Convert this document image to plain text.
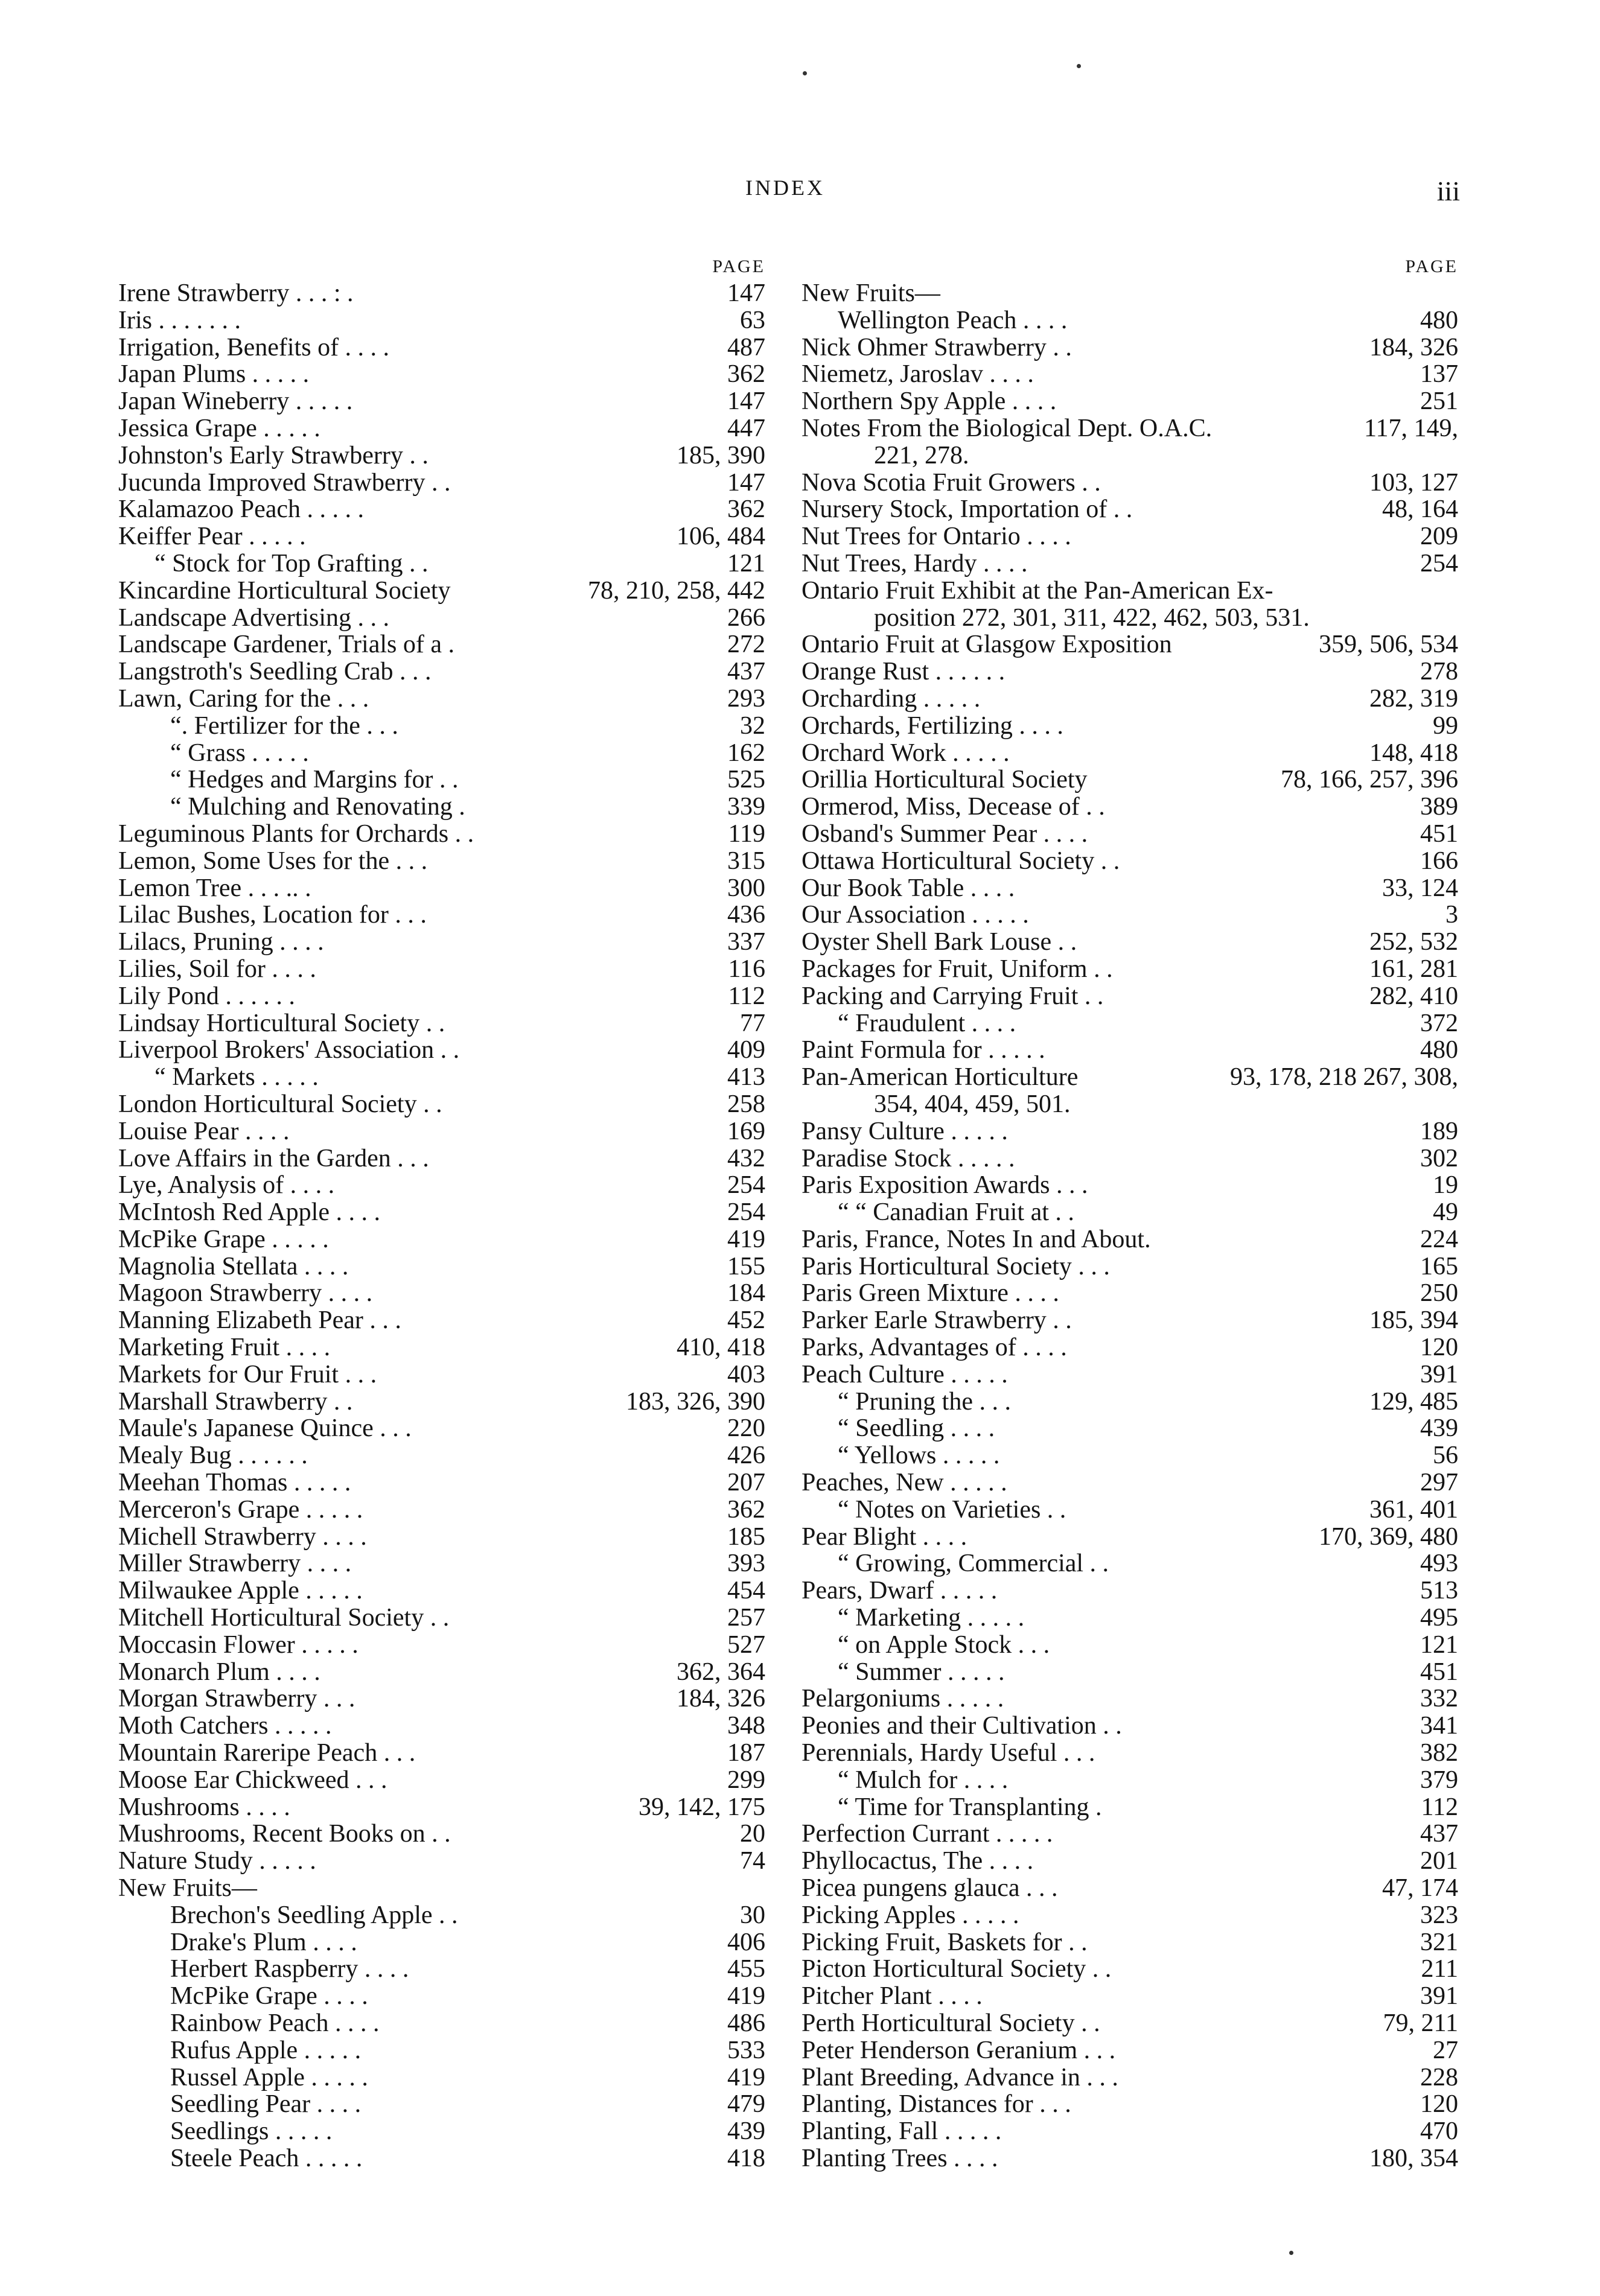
INDEX	iii
PAGE
Irene Strawberry . . . : .	147
Iris . . . . . . .	63
Irrigation, Benefits of . . . .	487
Japan Plums . . . . .	362
Japan Wineberry . . . . .	147
Jessica Grape . . . . .	447
Johnston's Early Strawberry . .	185, 390
Jucunda Improved Strawberry . .	147
Kalamazoo Peach . . . . .	362
Keiffer Pear . . . . .	106, 484
“ Stock for Top Grafting . .	121
Kincardine Horticultural Society	78, 210, 258, 442
Landscape Advertising . . .	266
Landscape Gardener, Trials of a .	272
Langstroth's Seedling Crab . . .	437
Lawn, Caring for the . . .	293
“. Fertilizer for the . . .	32
“ Grass . . . . .	162
“ Hedges and Margins for . .	525
“ Mulching and Renovating .	339
Leguminous Plants for Orchards . .	119
Lemon, Some Uses for the . . .	315
Lemon Tree . . . .. .	300
Lilac Bushes, Location for . . .	436
Lilacs, Pruning . . . .	337
Lilies, Soil for . . . .	116
Lily Pond . . . . . .	112
Lindsay Horticultural Society . .	77
Liverpool Brokers' Association . .	409
“ Markets . . . . .	413
London Horticultural Society . .	258
Louise Pear . . . .	169
Love Affairs in the Garden . . .	432
Lye, Analysis of . . . .	254
McIntosh Red Apple . . . .	254
McPike Grape . . . . .	419
Magnolia Stellata . . . .	155
Magoon Strawberry . . . .	184
Manning Elizabeth Pear . . .	452
Marketing Fruit . . . .	410, 418
Markets for Our Fruit . . .	403
Marshall Strawberry . .	183, 326, 390
Maule's Japanese Quince . . .	220
Mealy Bug . . . . . .	426
Meehan Thomas . . . . .	207
Merceron's Grape . . . . .	362
Michell Strawberry . . . .	185
Miller Strawberry . . . .	393
Milwaukee Apple . . . . .	454
Mitchell Horticultural Society . .	257
Moccasin Flower . . . . .	527
Monarch Plum . . . .	362, 364
Morgan Strawberry . . .	184, 326
Moth Catchers . . . . .	348
Mountain Rareripe Peach . . .	187
Moose Ear Chickweed . . .	299
Mushrooms . . . .	39, 142, 175
Mushrooms, Recent Books on . .	20
Nature Study . . . . .	74
New Fruits—
Brechon's Seedling Apple . .	30
Drake's Plum . . . .	406
Herbert Raspberry . . . .	455
McPike Grape . . . .	419
Rainbow Peach . . . .	486
Rufus Apple . . . . .	533
Russel Apple . . . . .	419
Seedling Pear . . . .	479
Seedlings . . . . .	439
Steele Peach . . . . .	418
PAGE
New Fruits—
Wellington Peach . . . .	480
Nick Ohmer Strawberry . .	184, 326
Niemetz, Jaroslav . . . .	137
Northern Spy Apple . . . .	251
Notes From the Biological Dept. O.A.C.	117, 149,
221, 278.
Nova Scotia Fruit Growers . .	103, 127
Nursery Stock, Importation of . .	48, 164
Nut Trees for Ontario . . . .	209
Nut Trees, Hardy . . . .	254
Ontario Fruit Exhibit at the Pan-American Ex-
position 272, 301, 311, 422, 462, 503, 531.
Ontario Fruit at Glasgow Exposition	359, 506, 534
Orange Rust . . . . . .	278
Orcharding . . . . .	282, 319
Orchards, Fertilizing . . . .	99
Orchard Work . . . . .	148, 418
Orillia Horticultural Society	78, 166, 257, 396
Ormerod, Miss, Decease of . .	389
Osband's Summer Pear . . . .	451
Ottawa Horticultural Society . .	166
Our Book Table . . . .	33, 124
Our Association . . . . .	3
Oyster Shell Bark Louse . .	252, 532
Packages for Fruit, Uniform . .	161, 281
Packing and Carrying Fruit . .	282, 410
“ Fraudulent . . . .	372
Paint Formula for . . . . .	480
Pan-American Horticulture	93, 178, 218 267, 308,
354, 404, 459, 501.
Pansy Culture . . . . .	189
Paradise Stock . . . . .	302
Paris Exposition Awards . . .	19
“ “ Canadian Fruit at . .	49
Paris, France, Notes In and About.	224
Paris Horticultural Society . . .	165
Paris Green Mixture . . . .	250
Parker Earle Strawberry . .	185, 394
Parks, Advantages of . . . .	120
Peach Culture . . . . .	391
“ Pruning the . . .	129, 485
“ Seedling . . . .	439
“ Yellows . . . . .	56
Peaches, New . . . . .	297
“ Notes on Varieties . .	361, 401
Pear Blight . . . .	170, 369, 480
“ Growing, Commercial . .	493
Pears, Dwarf . . . . .	513
“ Marketing . . . . .	495
“ on Apple Stock . . .	121
“ Summer . . . . .	451
Pelargoniums . . . . .	332
Peonies and their Cultivation . .	341
Perennials, Hardy Useful . . .	382
“ Mulch for . . . .	379
“ Time for Transplanting .	112
Perfection Currant . . . . .	437
Phyllocactus, The . . . .	201
Picea pungens glauca . . .	47, 174
Picking Apples . . . . .	323
Picking Fruit, Baskets for . .	321
Picton Horticultural Society . .	211
Pitcher Plant . . . .	391
Perth Horticultural Society . .	79, 211
Peter Henderson Geranium . . .	27
Plant Breeding, Advance in . . .	228
Planting, Distances for . . .	120
Planting, Fall . . . . .	470
Planting Trees . . . .	180, 354
